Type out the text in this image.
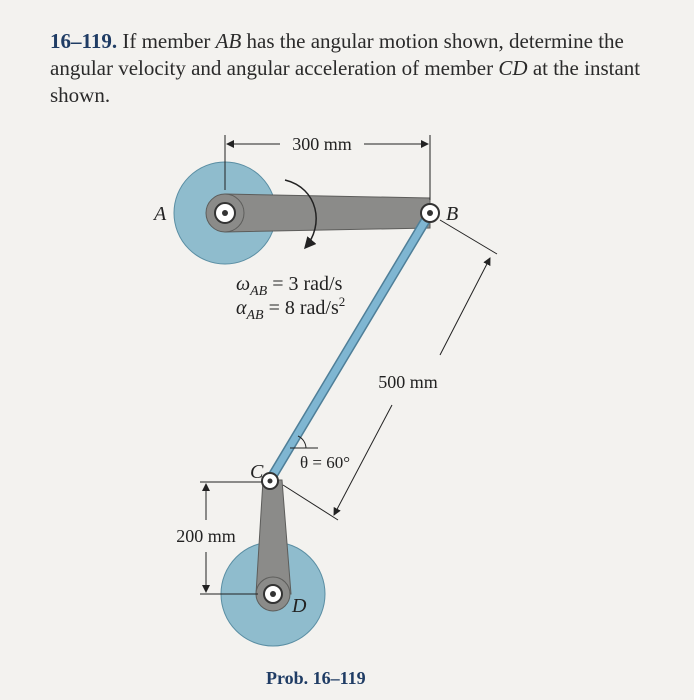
16–119. If member AB has the angular motion shown, determine the angular velocity and angular acceleration of member CD at the instant shown.
300 mm
500 mm
200 mm
θ = 60°
A	B
C
D
$\omega_{AB} = 3$ rad/s
$\alpha_{AB} = 8$ rad/$s^2$
Prob. 16–119
